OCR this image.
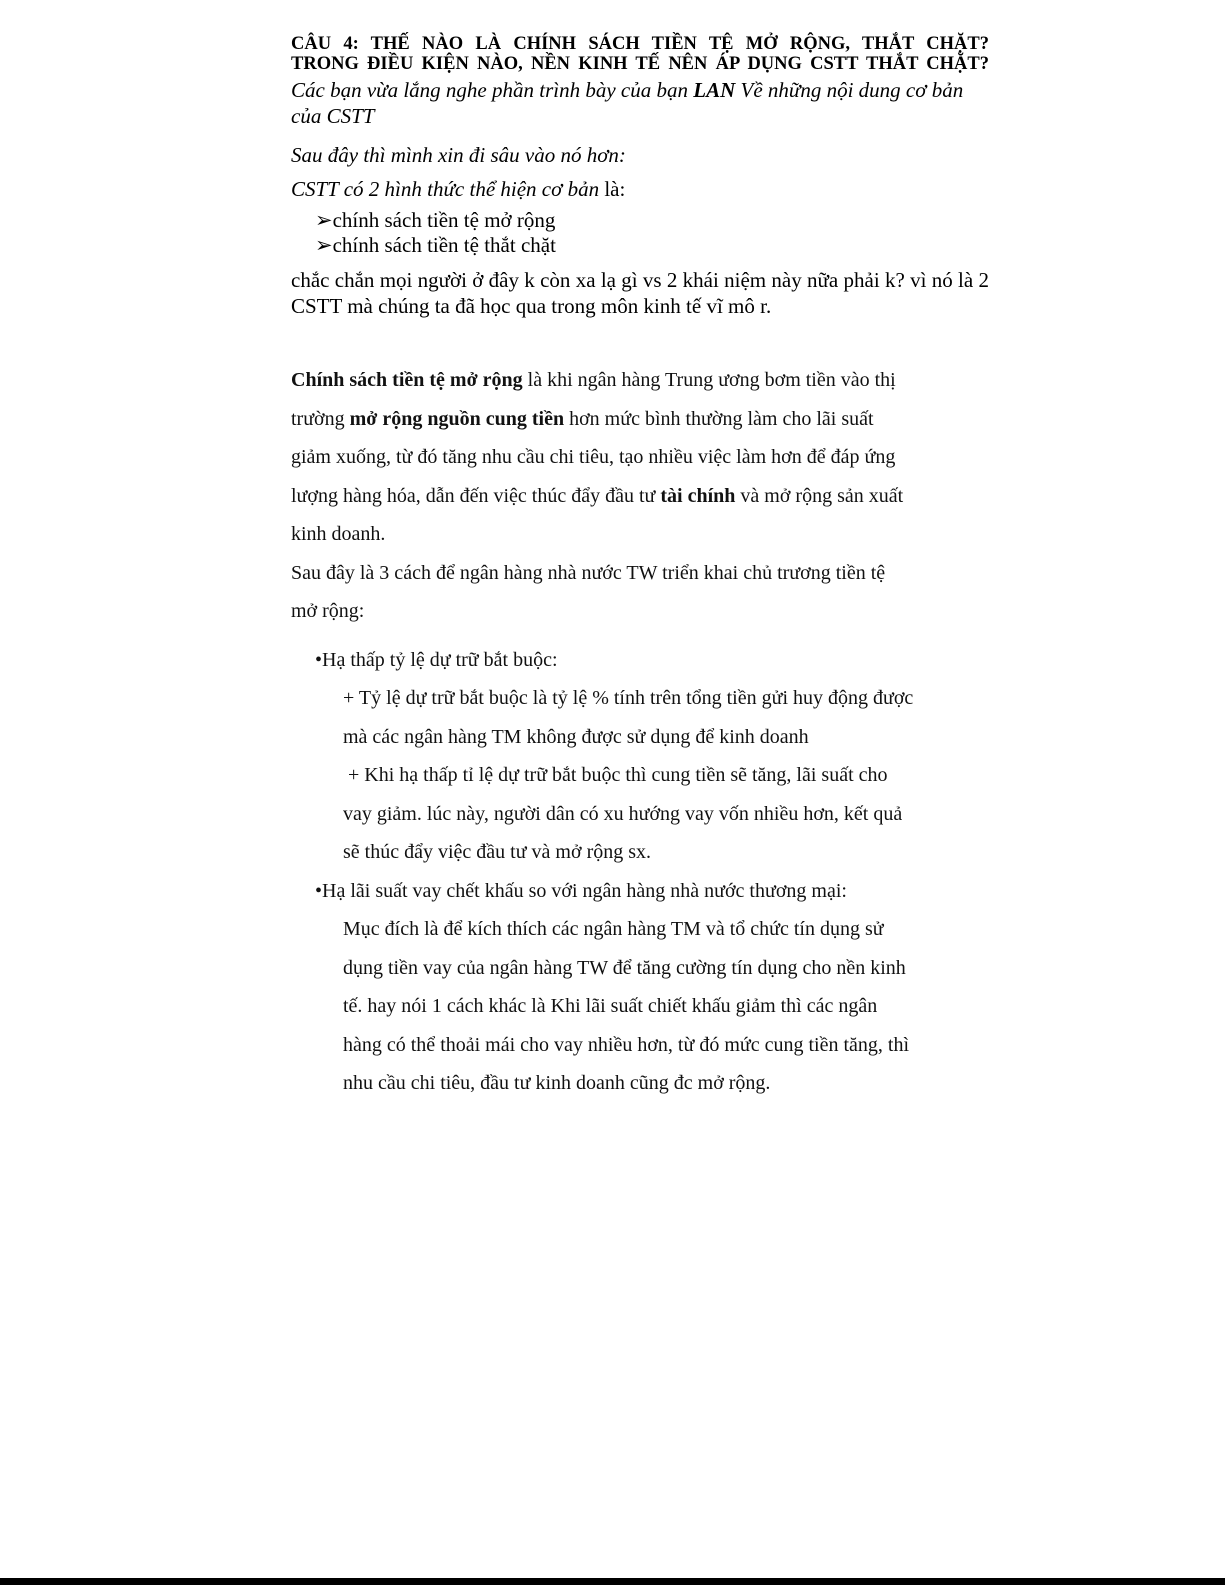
CÂU 4: THẾ NÀO LÀ CHÍNH SÁCH TIỀN TỆ MỞ RỘNG, THẮT CHẶT?

TRONG ĐIỀU KIỆN NÀO, NỀN KINH TẾ NÊN ÁP DỤNG CSTT THẮT CHẶT?

Các bạn vừa lắng nghe phần trình bày của bạn LAN Về những nội dung cơ bản của CSTT

Sau đây thì mình xin đi sâu vào nó hơn:

CSTT có 2 hình thức thể hiện cơ bản là:

➢chính sách tiền tệ mở rộng
➢chính sách tiền tệ thắt chặt

chắc chắn mọi người ở đây k còn xa lạ gì vs 2 khái niệm này nữa phải k? vì nó là 2 CSTT mà chúng ta đã học qua trong môn kinh tế vĩ mô r.

Chính sách tiền tệ mở rộng là khi ngân hàng Trung ương bơm tiền vào thị

trường mở rộng nguồn cung tiền hơn mức bình thường làm cho lãi suất

giảm xuống, từ đó tăng nhu cầu chi tiêu, tạo nhiều việc làm hơn để đáp ứng

lượng hàng hóa, dẫn đến việc thúc đẩy đầu tư tài chính và mở rộng sản xuất

kinh doanh.

Sau đây là 3 cách để ngân hàng nhà nước TW triển khai chủ trương tiền tệ

mở rộng:

•Hạ thấp tỷ lệ dự trữ bắt buộc:

+ Tỷ lệ dự trữ bắt buộc là tỷ lệ % tính trên tổng tiền gửi huy động được

mà các ngân hàng TM không được sử dụng để kinh doanh

+ Khi hạ thấp tỉ lệ dự trữ bắt buộc thì cung tiền sẽ tăng, lãi suất cho

vay giảm. lúc này, người dân có xu hướng vay vốn nhiều hơn, kết quả

sẽ thúc đẩy việc đầu tư và mở rộng sx.

•Hạ lãi suất vay chết khấu so với ngân hàng nhà nước thương mại:

Mục đích là để kích thích các ngân hàng TM và tổ chức tín dụng sử

dụng tiền vay của ngân hàng TW để tăng cường tín dụng cho nền kinh

tế. hay nói 1 cách khác là Khi lãi suất chiết khấu giảm thì các ngân

hàng có thể thoải mái cho vay nhiều hơn, từ đó mức cung tiền tăng, thì

nhu cầu chi tiêu, đầu tư kinh doanh cũng đc mở rộng.
